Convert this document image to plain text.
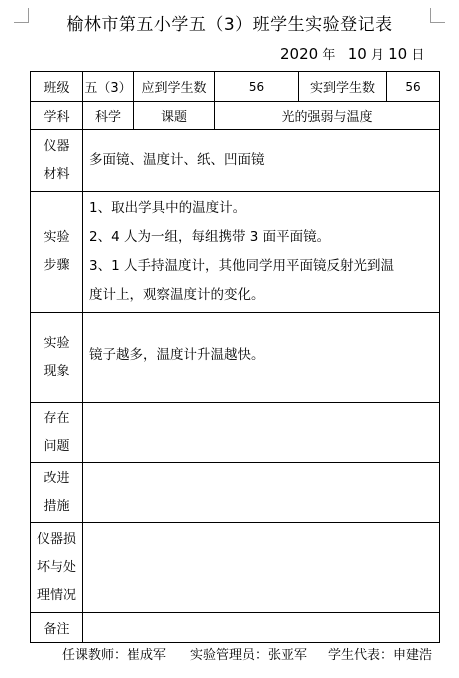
榆林市第五小学五（3）班学生实验登记表
2020 年 10 月 10 日
班级	五（3）	应到学生数	56	实到学生数	56
学科	科学	课题	光的强弱与温度		

仪器
材料	多面镜、温度计、纸、凹面镜				

实验
步骤	1、取出学具中的温度计。
2、4 人为一组，每组携带 3 面平面镜。
3、1 人手持温度计，其他同学用平面镜反射光到温
度计上，观察温度计的变化。				

实验
现象	镜子越多，温度计升温越快。				

存在
问题					

改进
措施					

仪器损
坏与处
理情况					

备注					
任课教师：崔成军 实验管理员：张亚军 学生代表：申建浩
